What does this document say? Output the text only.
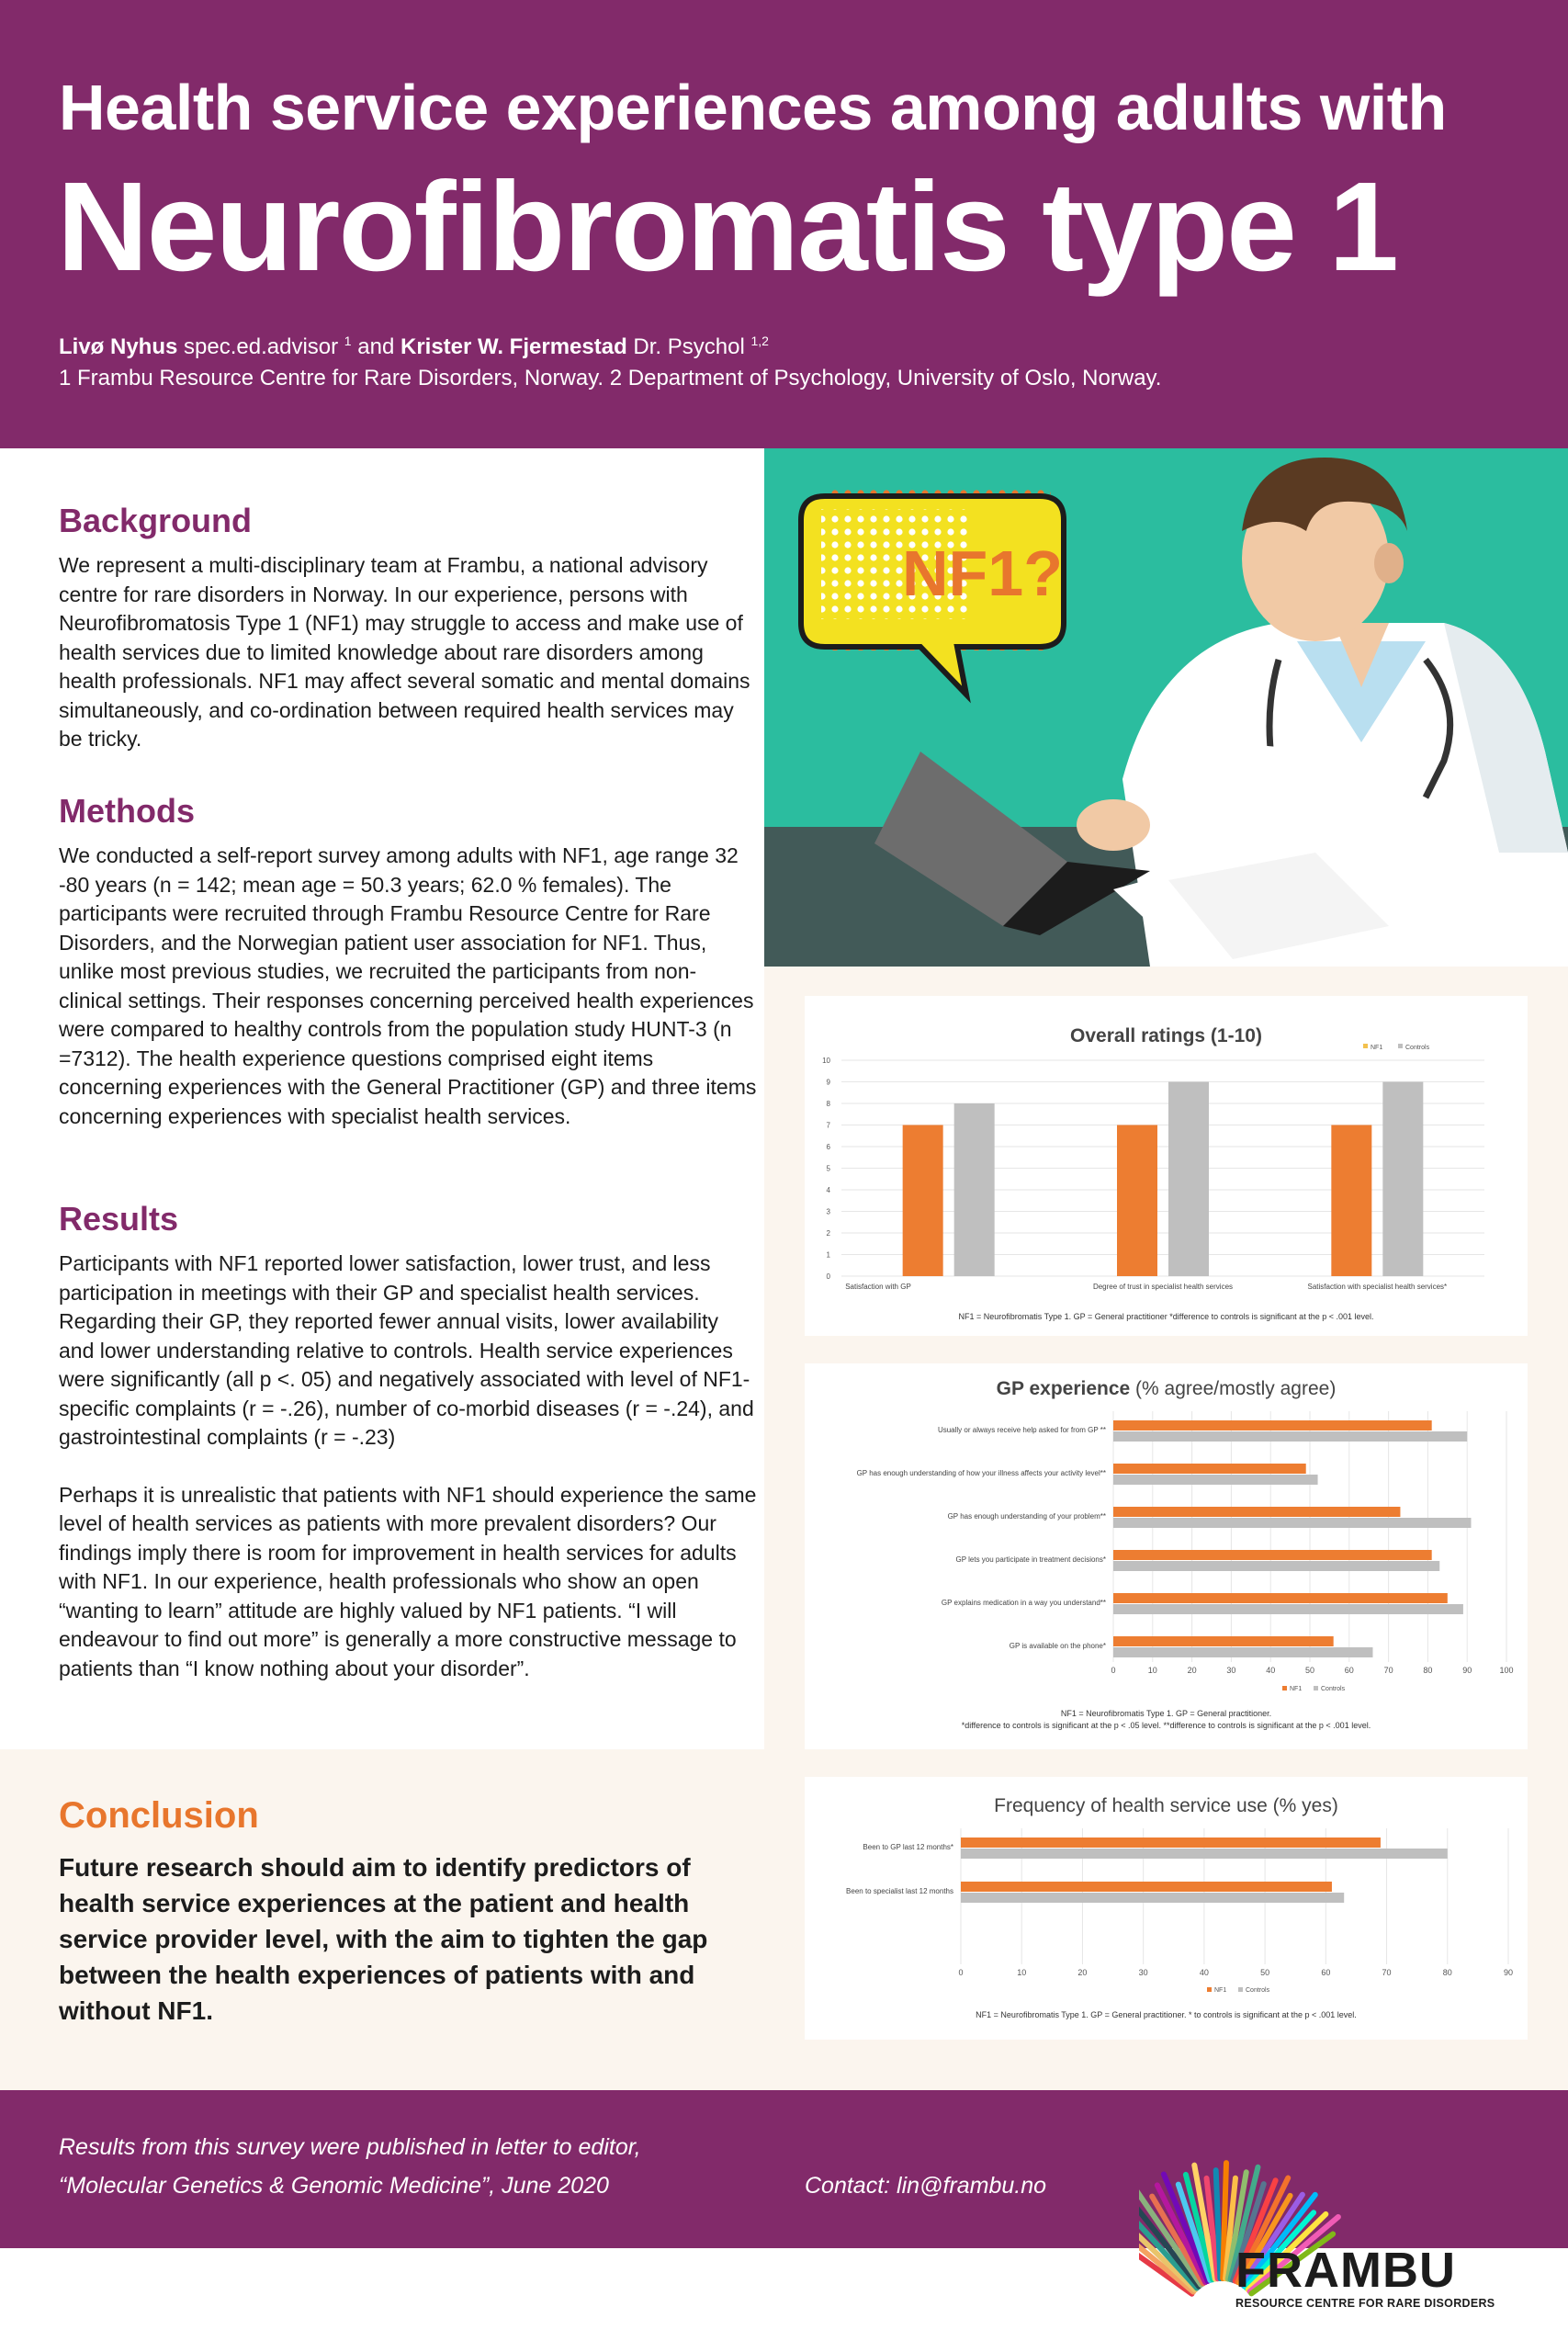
Health service experiences among adults with
Neurofibromatis type 1
Livø Nyhus spec.ed.advisor $^1$ and Krister W. Fjermestad Dr. Psychol $^{1,2}$
1 Frambu Resource Centre for Rare Disorders, Norway. 2 Department of Psychology, University of Oslo, Norway.
Background
We represent a multi-disciplinary team at Frambu, a national advisory centre for rare disorders in Norway. In our experience, persons with Neurofibromatosis Type 1 (NF1) may struggle to access and make use of health services due to limited knowledge about rare disorders among health professionals. NF1 may affect several somatic and mental domains simultaneously, and co-ordination between required health services may be tricky.
Methods
We conducted a self-report survey among adults with NF1, age range 32 -80 years (n = 142; mean age = 50.3 years; 62.0 % females). The participants were recruited through Frambu Resource Centre for Rare Disorders, and the Norwegian patient user association for NF1. Thus, unlike most previous studies, we recruited the participants from non-clinical settings. Their responses concerning perceived health experiences were compared to healthy controls from the population study HUNT-3 (n =7312). The health experience questions comprised eight items concerning experiences with the General Practitioner (GP) and three items concerning experiences with specialist health services.
Results
Participants with NF1 reported lower satisfaction, lower trust, and less participation in meetings with their GP and specialist health services. Regarding their GP, they reported fewer annual visits, lower availability and lower understanding relative to controls. Health service experiences were significantly (all p <. 05) and negatively associated with level of NF1-specific complaints (r = -.26), number of co-morbid diseases (r = -.24), and gastrointestinal complaints (r = -.23)
Perhaps it is unrealistic that patients with NF1 should experience the same level of health services as patients with more prevalent disorders? Our findings imply there is room for improvement in health services for adults with NF1. In our experience, health professionals who show an open “wanting to learn” attitude are highly valued by NF1 patients. “I will endeavour to find out more” is generally a more constructive message to patients than “I know nothing about your disorder”.
Conclusion
Future research should aim to identify predictors of health service experiences at the patient and health service provider level, with the aim to tighten the gap between the health experiences of patients with and without NF1.
NF1?
Overall ratings (1-10)
0
1
2
3
4
5
6
7
8
9
10
Satisfaction with GP	Degree of trust in specialist health services	Satisfaction with specialist health services*
NF1	Controls
NF1 = Neurofibromatis Type 1. GP = General practitioner *difference to controls is significant at the p < .001 level.
GP experience (% agree/mostly agree)
0	10	20	30	40	50	60	70	80	90	100
Usually or always receive help asked for from GP **
GP has enough understanding of how your illness affects your activity level**
GP has enough understanding of your problem**
GP lets you participate in treatment decisions*
GP explains medication in a way you understand**
GP is available on the phone*
NF1	Controls
NF1 = Neurofibromatis Type 1. GP = General practitioner.
*difference to controls is significant at the p < .05 level. **difference to controls is significant at the p < .001 level.
Frequency of health service use (% yes)
0	10	20	30	40	50	60	70	80	90
Been to GP last 12 months*
Been to specialist last 12 months
NF1	Controls
NF1 = Neurofibromatis Type 1. GP = General practitioner. * to controls is significant at the p < .001 level.
Results from this survey were published in letter to editor,
“Molecular Genetics & Genomic Medicine”, June 2020	Contact: lin@frambu.no
FRAMBU
RESOURCE CENTRE FOR RARE DISORDERS
